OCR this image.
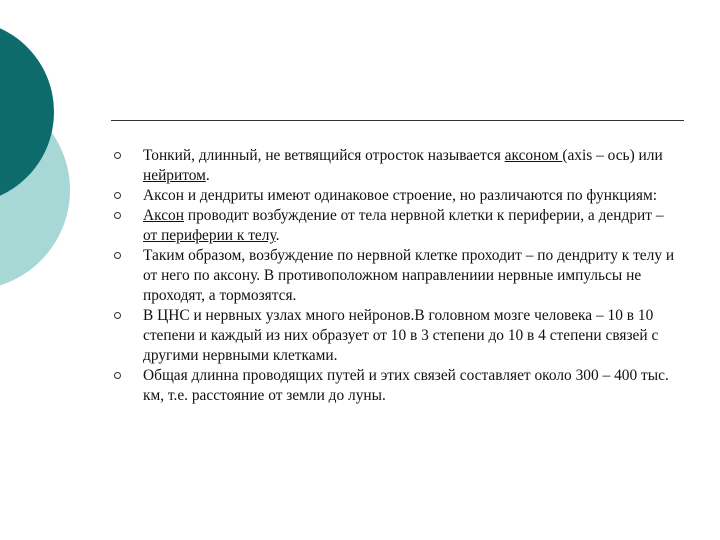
Тонкий, длинный, не ветвящийся отросток называется аксоном (axis – ось) или нейритом.
Аксон и дендриты имеют одинаковое строение, но различаются по функциям:
Аксон проводит возбуждение от тела нервной клетки к периферии, а дендрит – от периферии к телу.
Таким образом, возбуждение по нервной клетке проходит – по дендриту к телу и от него по аксону. В противоположном направлениии нервные импульсы не проходят, а тормозятся.
В ЦНС и нервных узлах много нейронов.В головном мозге человека – 10 в 10 степени и каждый из них образует от 10 в 3 степени до 10 в 4 степени связей с другими нервными клетками.
Общая длинна проводящих путей и этих связей составляет около 300 – 400 тыс. км, т.е. расстояние от земли до луны.
